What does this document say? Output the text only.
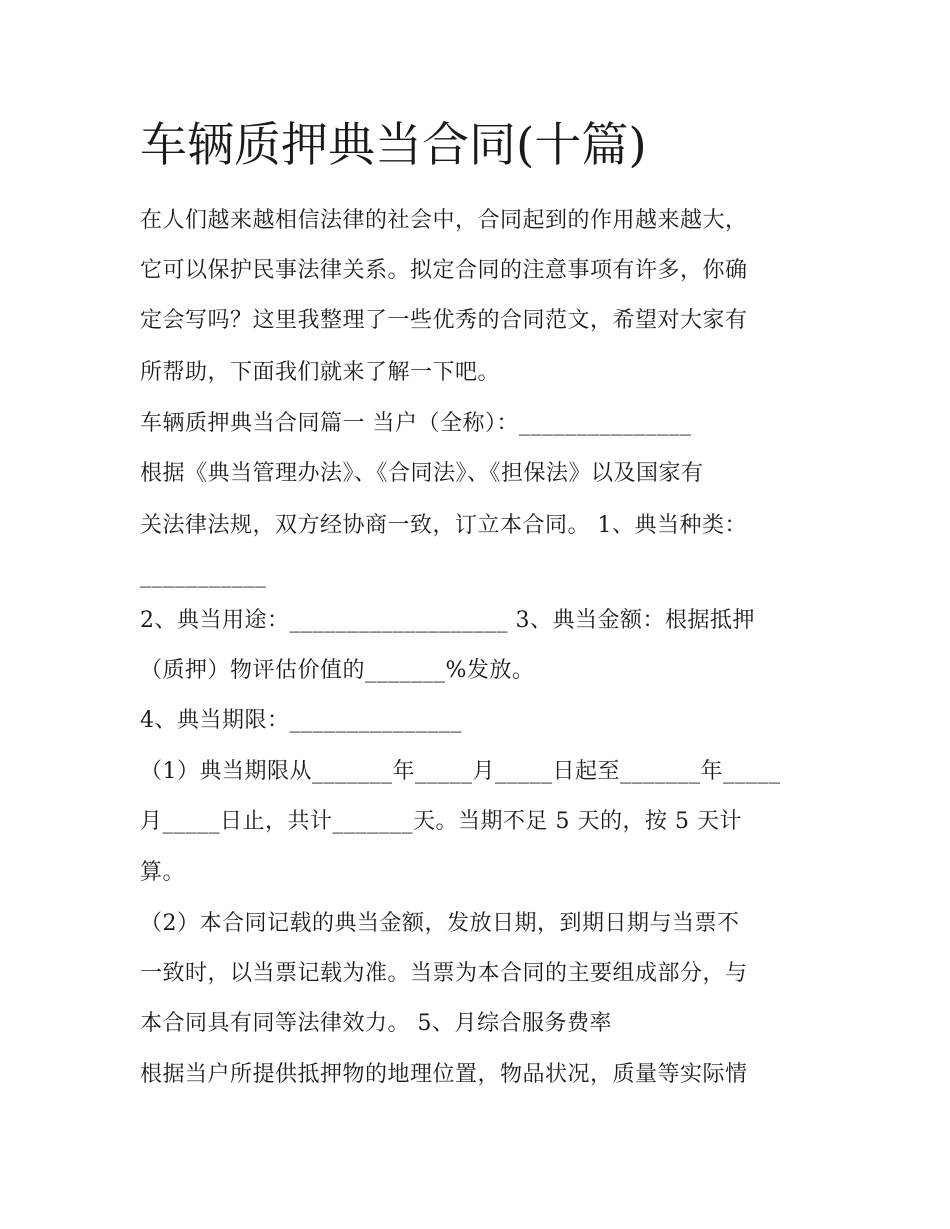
车辆质押典当合同(十篇)
在人们越来越相信法律的社会中，合同起到的作用越来越大，
它可以保护民事法律关系。拟定合同的注意事项有许多，你确
定会写吗？这里我整理了一些优秀的合同范文，希望对大家有
所帮助，下面我们就来了解一下吧。
车辆质押典当合同篇一 当户（全称）：_______________
根据《典当管理办法》、《合同法》、《担保法》以及国家有
关法律法规，双方经协商一致，订立本合同。 1、典当种类：
___________
2、典当用途：___________________ 3、典当金额：根据抵押
（质押）物评估价值的_______%发放。
4、典当期限：_______________
（1）典当期限从_______年_____月_____日起至_______年_____
月_____日止，共计_______天。当期不足 5 天的，按 5 天计
算。
（2）本合同记载的典当金额，发放日期，到期日期与当票不
一致时，以当票记载为准。当票为本合同的主要组成部分，与
本合同具有同等法律效力。 5、月综合服务费率
根据当户所提供抵押物的地理位置，物品状况，质量等实际情
